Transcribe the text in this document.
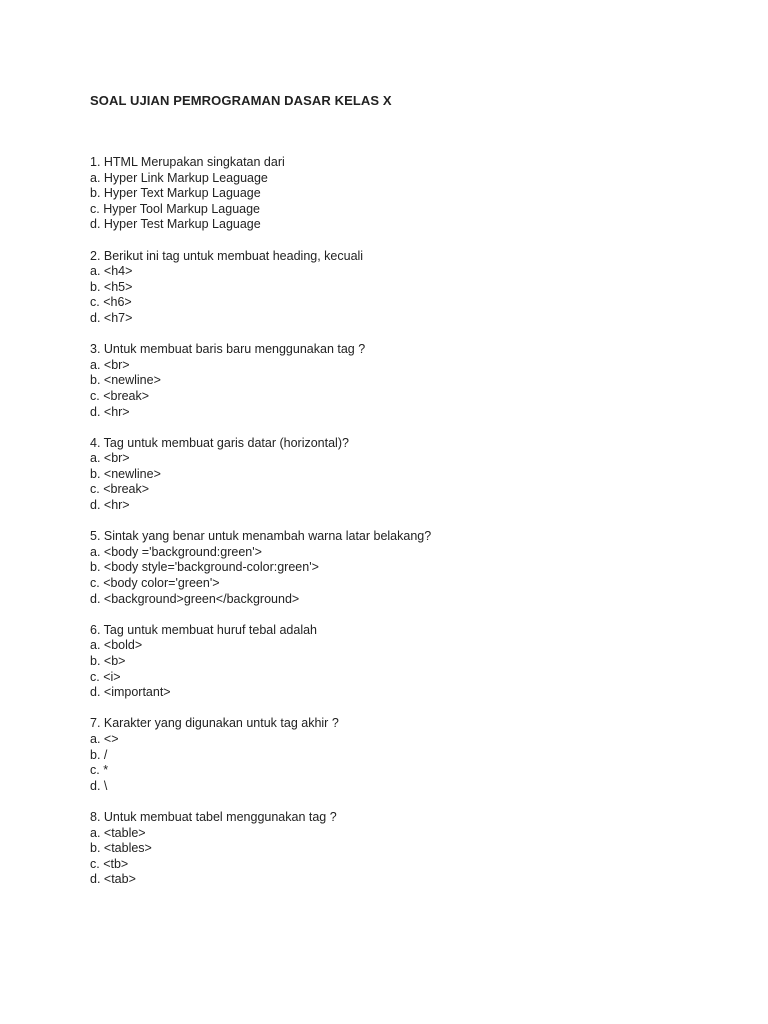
SOAL UJIAN PEMROGRAMAN DASAR KELAS X
1. HTML Merupakan singkatan dari
a. Hyper Link Markup Leaguage
b. Hyper Text Markup Laguage
c. Hyper Tool Markup Laguage
d. Hyper Test Markup Laguage
2. Berikut ini tag untuk membuat heading, kecuali
a. <h4>
b. <h5>
c. <h6>
d. <h7>
3. Untuk membuat baris baru menggunakan tag ?
a. <br>
b. <newline>
c. <break>
d. <hr>
4. Tag untuk membuat garis datar (horizontal)?
a. <br>
b. <newline>
c. <break>
d. <hr>
5. Sintak yang benar untuk menambah warna latar belakang?
a. <body ='background:green'>
b. <body style='background-color:green'>
c. <body color='green'>
d. <background>green</background>
6. Tag untuk membuat huruf tebal adalah
a. <bold>
b. <b>
c. <i>
d. <important>
7. Karakter yang digunakan untuk tag akhir ?
a. <>
b. /
c. *
d. \
8. Untuk membuat tabel menggunakan tag ?
a. <table>
b. <tables>
c. <tb>
d. <tab>
